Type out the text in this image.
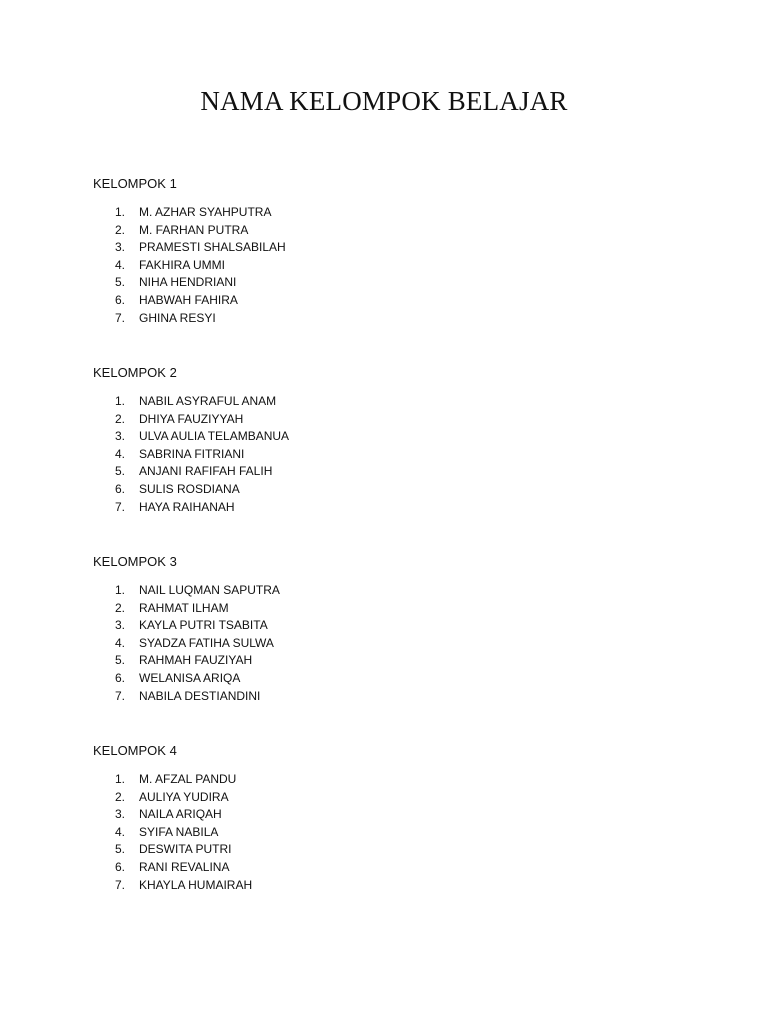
NAMA KELOMPOK BELAJAR
KELOMPOK 1
1.	M. AZHAR SYAHPUTRA
2.	M. FARHAN PUTRA
3.	PRAMESTI SHALSABILAH
4.	FAKHIRA UMMI
5.	NIHA HENDRIANI
6.	HABWAH FAHIRA
7.	GHINA RESYI
KELOMPOK 2
1.	NABIL ASYRAFUL ANAM
2.	DHIYA FAUZIYYAH
3.	ULVA AULIA TELAMBANUA
4.	SABRINA FITRIANI
5.	ANJANI RAFIFAH FALIH
6.	SULIS ROSDIANA
7.	HAYA RAIHANAH
KELOMPOK 3
1.	NAIL LUQMAN SAPUTRA
2.	RAHMAT ILHAM
3.	KAYLA PUTRI TSABITA
4.	SYADZA FATIHA SULWA
5.	RAHMAH FAUZIYAH
6.	WELANISA ARIQA
7.	NABILA DESTIANDINI
KELOMPOK 4
1.	M. AFZAL PANDU
2.	AULIYA YUDIRA
3.	NAILA ARIQAH
4.	SYIFA NABILA
5.	DESWITA PUTRI
6.	RANI REVALINA
7.	KHAYLA HUMAIRAH
